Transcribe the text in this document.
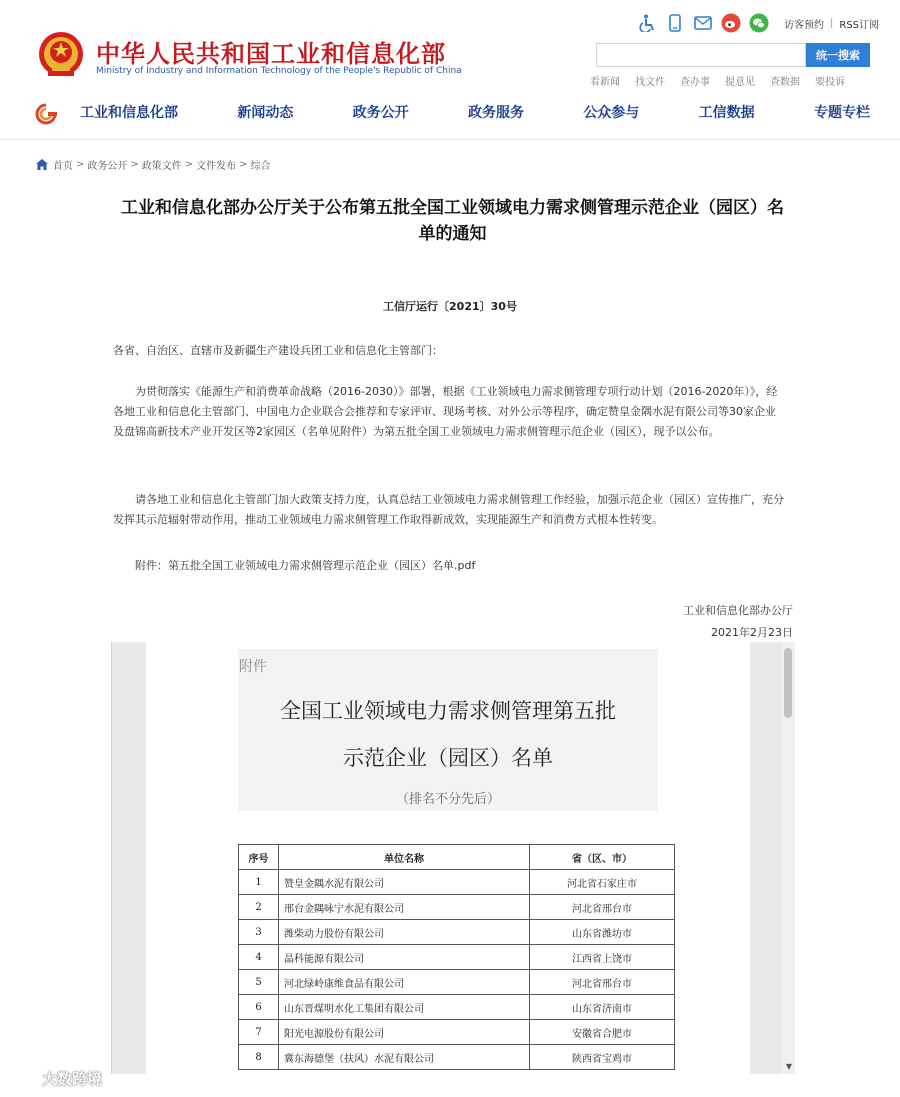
中华人民共和国工业和信息化部
Ministry of Industry and Information Technology of the People's Republic of China
访客预约 | RSS订阅
统一搜索
看新闻 找文件 查办事 提意见 查数据 要投诉
工业和信息化部	新闻动态	政务公开	政务服务	公众参与	工信数据	专题专栏
首页 > 政务公开 > 政策文件 > 文件发布 > 综合
工业和信息化部办公厅关于公布第五批全国工业领域电力需求侧管理示范企业（园区）名单的通知
工信厅运行〔2021〕30号

各省、自治区、直辖市及新疆生产建设兵团工业和信息化主管部门：

为贯彻落实《能源生产和消费革命战略（2016-2030）》部署，根据《工业领域电力需求侧管理专项行动计划（2016-2020年）》，经各地工业和信息化主管部门、中国电力企业联合会推荐和专家评审、现场考核、对外公示等程序，确定赞皇金隅水泥有限公司等30家企业及盘锦高新技术产业开发区等2家园区（名单见附件）为第五批全国工业领域电力需求侧管理示范企业（园区），现予以公布。

请各地工业和信息化主管部门加大政策支持力度，认真总结工业领域电力需求侧管理工作经验，加强示范企业（园区）宣传推广，充分发挥其示范辐射带动作用，推动工业领域电力需求侧管理工作取得新成效，实现能源生产和消费方式根本性转变。

附件：第五批全国工业领域电力需求侧管理示范企业（园区）名单.pdf

工业和信息化部办公厅
2021年2月23日
附件
全国工业领域电力需求侧管理第五批
示范企业（园区）名单
（排名不分先后）
序号	单位名称	省（区、市）
1	赞皇金隅水泥有限公司	河北省石家庄市
2	邢台金隅咏宁水泥有限公司	河北省邢台市
3	潍柴动力股份有限公司	山东省潍坊市
4	晶科能源有限公司	江西省上饶市
5	河北绿岭康维食品有限公司	河北省邢台市
6	山东晋煤明水化工集团有限公司	山东省济南市
7	阳光电源股份有限公司	安徽省合肥市
8	冀东海德堡（扶风）水泥有限公司	陕西省宝鸡市
▼
大数跨境
